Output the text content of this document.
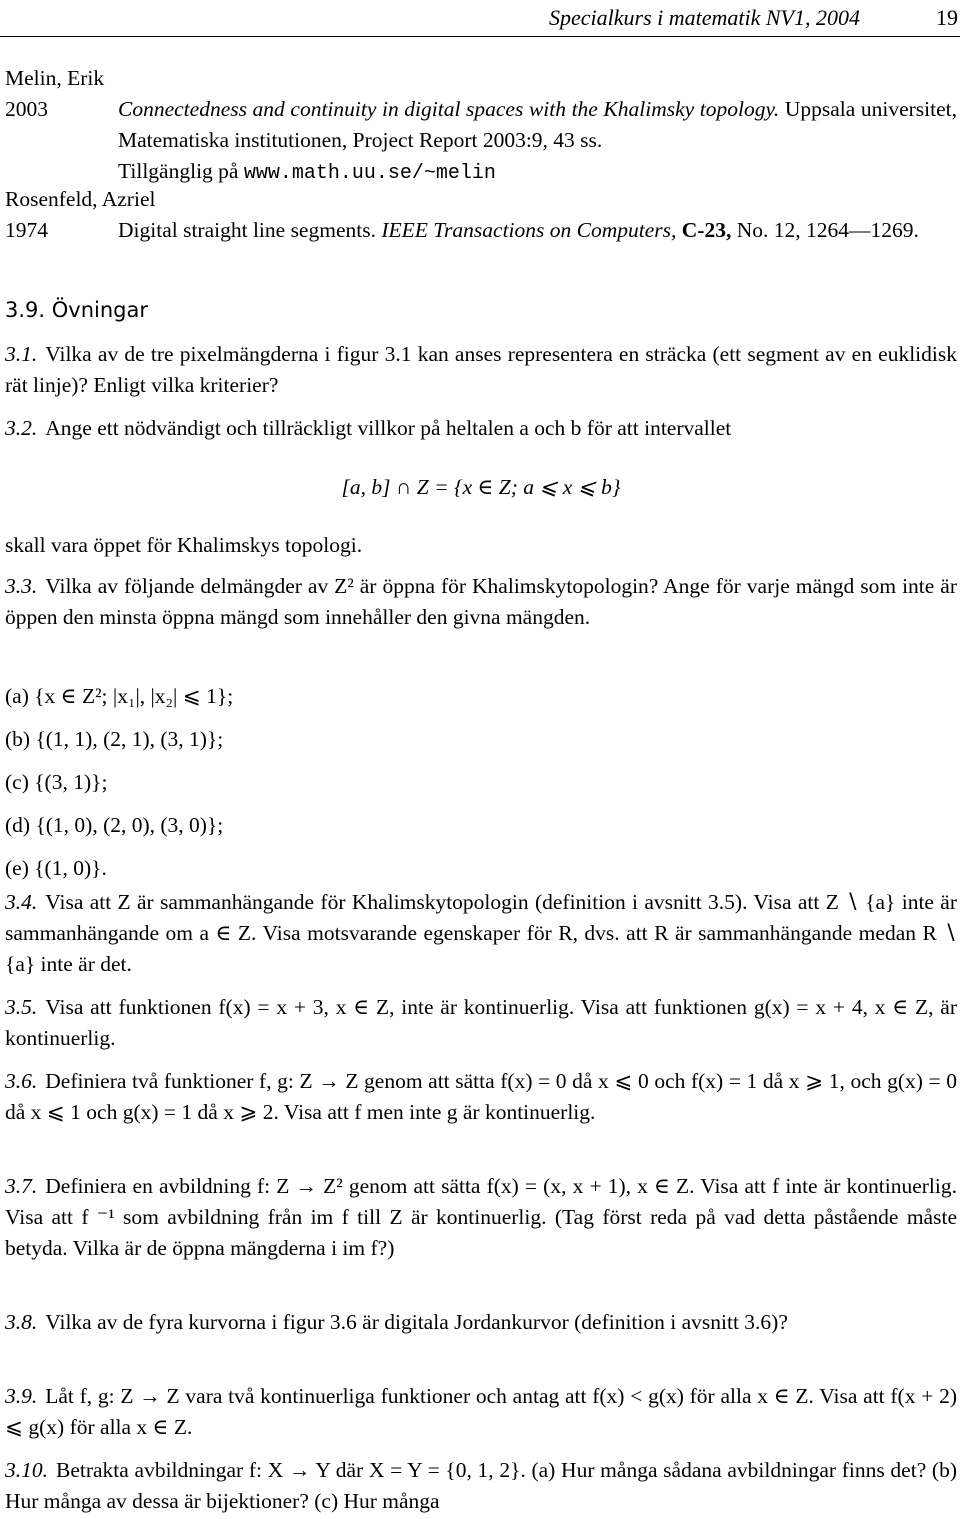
Specialkurs i matematik NV1, 2004	19
Melin, Erik
2003	Connectedness and continuity in digital spaces with the Khalimsky topology. Uppsala universitet, Matematiska institutionen, Project Report 2003:9, 43 ss.
Tillgänglig på www.math.uu.se/~melin
Rosenfeld, Azriel
1974	Digital straight line segments. IEEE Transactions on Computers, C-23, No. 12, 1264—1269.
3.9. Övningar
3.1. Vilka av de tre pixelmängderna i figur 3.1 kan anses representera en sträcka (ett segment av en euklidisk rät linje)? Enligt vilka kriterier?
3.2. Ange ett nödvändigt och tillräckligt villkor på heltalen a och b för att intervallet
[a, b] ∩ Z = {x ∈ Z; a ⩽ x ⩽ b}
skall vara öppet för Khalimskys topologi.
3.3. Vilka av följande delmängder av Z² är öppna för Khalimskytopologin? Ange för varje mängd som inte är öppen den minsta öppna mängd som innehåller den givna mängden.
(a) {x ∈ Z²; |x₁|, |x₂| ⩽ 1};
(b) {(1, 1), (2, 1), (3, 1)};
(c) {(3, 1)};
(d) {(1, 0), (2, 0), (3, 0)};
(e) {(1, 0)}.
3.4. Visa att Z är sammanhängande för Khalimskytopologin (definition i avsnitt 3.5). Visa att Z ∖ {a} inte är sammanhängande om a ∈ Z. Visa motsvarande egenskaper för R, dvs. att R är sammanhängande medan R ∖ {a} inte är det.
3.5. Visa att funktionen f(x) = x + 3, x ∈ Z, inte är kontinuerlig. Visa att funktionen g(x) = x + 4, x ∈ Z, är kontinuerlig.
3.6. Definiera två funktioner f, g: Z → Z genom att sätta f(x) = 0 då x ⩽ 0 och f(x) = 1 då x ⩾ 1, och g(x) = 0 då x ⩽ 1 och g(x) = 1 då x ⩾ 2. Visa att f men inte g är kontinuerlig.
3.7. Definiera en avbildning f: Z → Z² genom att sätta f(x) = (x, x + 1), x ∈ Z. Visa att f inte är kontinuerlig. Visa att f ⁻¹ som avbildning från im f till Z är kontinuerlig. (Tag först reda på vad detta påstående måste betyda. Vilka är de öppna mängderna i im f?)
3.8. Vilka av de fyra kurvorna i figur 3.6 är digitala Jordankurvor (definition i avsnitt 3.6)?
3.9. Låt f, g: Z → Z vara två kontinuerliga funktioner och antag att f(x) < g(x) för alla x ∈ Z. Visa att f(x + 2) ⩽ g(x) för alla x ∈ Z.
3.10. Betrakta avbildningar f: X → Y där X = Y = {0, 1, 2}. (a) Hur många sådana avbildningar finns det? (b) Hur många av dessa är bijektioner? (c) Hur många
